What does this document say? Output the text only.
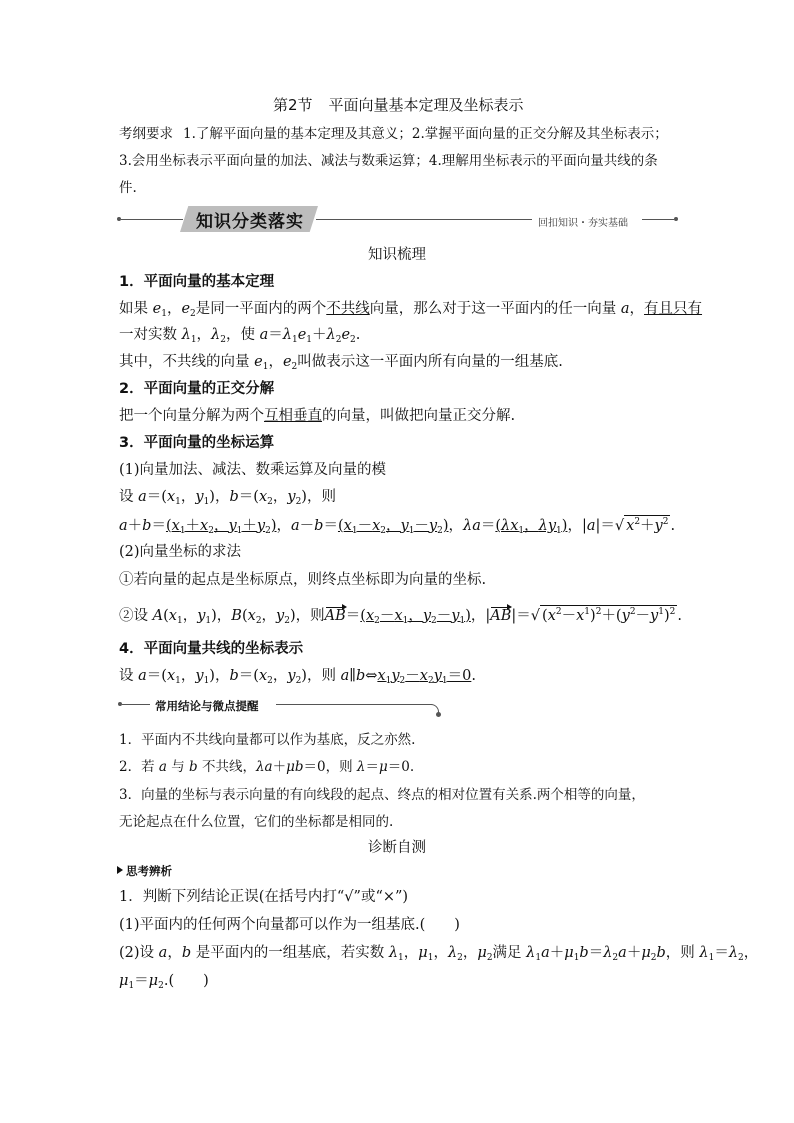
第2节 平面向量基本定理及坐标表示
考纲要求 1.了解平面向量的基本定理及其意义；2.掌握平面向量的正交分解及其坐标表示；
3.会用坐标表示平面向量的加法、减法与数乘运算；4.理解用坐标表示的平面向量共线的条
件.
知识分类落实	回扣知识・夯实基础
知识梳理
1．平面向量的基本定理
如果 $e_1$，$e_2$是同一平面内的两个不共线向量，那么对于这一平面内的任一向量 a，有且只有
一对实数 $\lambda_1$，$\lambda_2$，使 $a=\lambda_1e_1+\lambda_2e_2$.
其中，不共线的向量 $e_1$，$e_2$叫做表示这一平面内所有向量的一组基底.
2．平面向量的正交分解
把一个向量分解为两个互相垂直的向量，叫做把向量正交分解.
3．平面向量的坐标运算
(1)向量加法、减法、数乘运算及向量的模
设 $a=(x_1$，$y_1$)，$b=(x_2$，$y_2$)，则
$a+b=(x_1+x_2$，$y_1+y_2$)，$a-b=(x_1-x_2$，$y_1-y_2$)，$\lambda a=(\lambda x_1$，$\lambda y_1$)，|a|＝√ $x^2+y^2$ .
(2)向量坐标的求法
①若向量的起点是坐标原点，则终点坐标即为向量的坐标.
②设 $A(x_1$，$y_1$)，$B(x_2$，$y_2$)，则$AB=(x_2-x_1$，$y_2-y_1$)，|AB|＝√ $(x^2-x^1)^2+(y^2-y^1)^2$ .
4．平面向量共线的坐标表示
设 $a=(x_1$，$y_1$)，$b=(x_2$，$y_2$)，则 $a\parallel b\Leftrightarrow x_1y_2-x_2y_1=0$.
常用结论与微点提醒
1．平面内不共线向量都可以作为基底，反之亦然.
2．若 a 与 b 不共线，λa＋μb＝0，则 λ＝μ＝0.
3．向量的坐标与表示向量的有向线段的起点、终点的相对位置有关系.两个相等的向量，
无论起点在什么位置，它们的坐标都是相同的.
诊断自测
思考辨析
1．判断下列结论正误(在括号内打“√”或“×”)
(1)平面内的任何两个向量都可以作为一组基底.(　　)
(2)设 a，b 是平面内的一组基底，若实数 $\lambda_1$，$\mu_1$，$\lambda_2$，$\mu_2$满足 $\lambda_1a+\mu_1b=\lambda_2a+\mu_2b$，则 $\lambda_1=\lambda_2$，
$\mu_1=\mu_2$.(　　)
